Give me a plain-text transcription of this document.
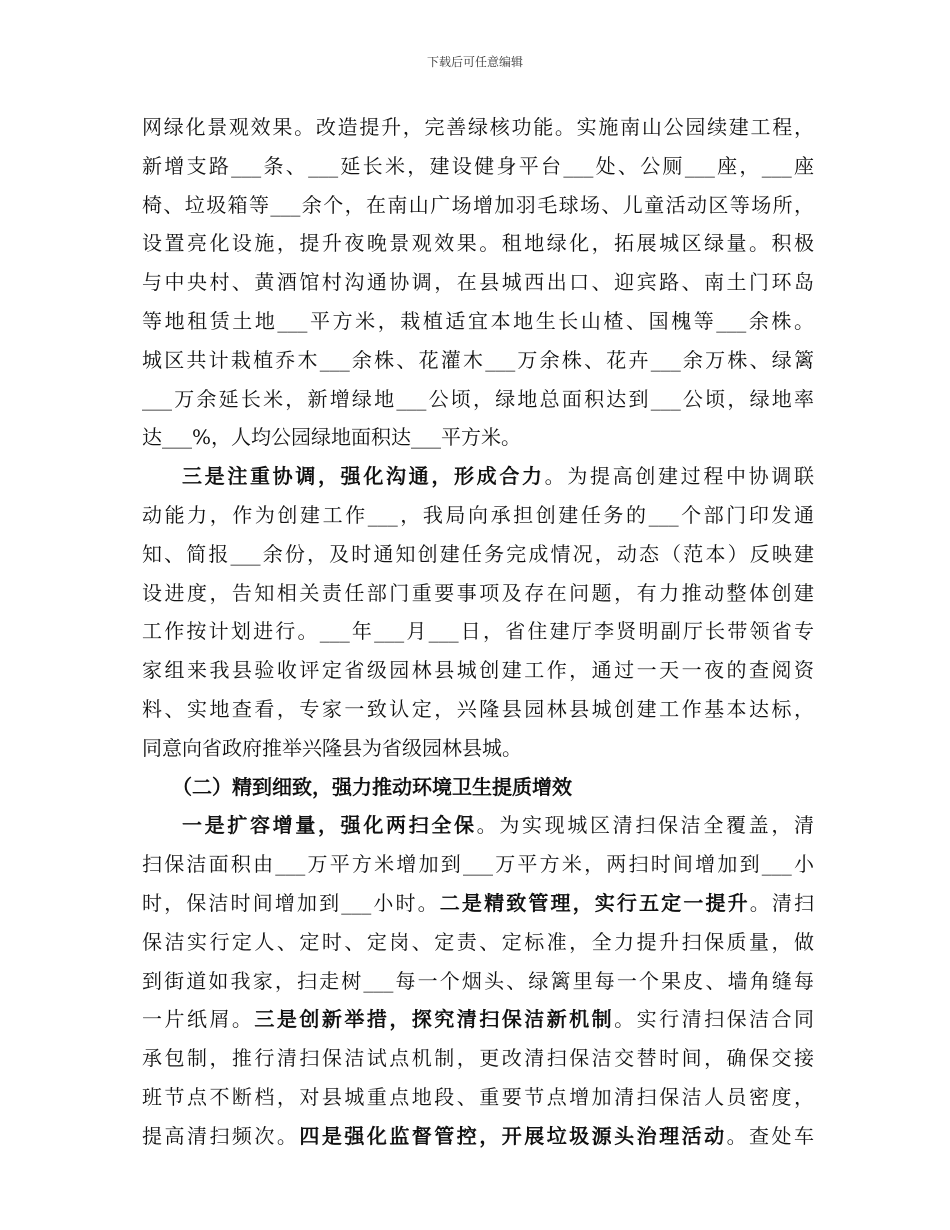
下载后可任意编辑
网绿化景观效果。改造提升，完善绿核功能。实施南山公园续建工程，
新增支路___条、___延长米，建设健身平台___处、公厕___座，___座
椅、垃圾箱等___余个，在南山广场增加羽毛球场、儿童活动区等场所，
设置亮化设施，提升夜晚景观效果。租地绿化，拓展城区绿量。积极
与中央村、黄酒馆村沟通协调，在县城西出口、迎宾路、南土门环岛
等地租赁土地___平方米，栽植适宜本地生长山楂、国槐等___余株。
城区共计栽植乔木___余株、花灌木___万余株、花卉___余万株、绿篱
___万余延长米，新增绿地___公顷，绿地总面积达到___公顷，绿地率
达___%，人均公园绿地面积达___平方米。
三是注重协调，强化沟通，形成合力。为提高创建过程中协调联
动能力，作为创建工作___，我局向承担创建任务的___个部门印发通
知、简报___余份，及时通知创建任务完成情况，动态（范本）反映建
设进度，告知相关责任部门重要事项及存在问题，有力推动整体创建
工作按计划进行。___年___月___日，省住建厅李贤明副厅长带领省专
家组来我县验收评定省级园林县城创建工作，通过一天一夜的查阅资
料、实地查看，专家一致认定，兴隆县园林县城创建工作基本达标，
同意向省政府推举兴隆县为省级园林县城。
（二）精到细致，强力推动环境卫生提质增效
一是扩容增量，强化两扫全保。为实现城区清扫保洁全覆盖，清
扫保洁面积由___万平方米增加到___万平方米，两扫时间增加到___小
时，保洁时间增加到___小时。二是精致管理，实行五定一提升。清扫
保洁实行定人、定时、定岗、定责、定标准，全力提升扫保质量，做
到街道如我家，扫走树___每一个烟头、绿篱里每一个果皮、墙角缝每
一片纸屑。三是创新举措，探究清扫保洁新机制。实行清扫保洁合同
承包制，推行清扫保洁试点机制，更改清扫保洁交替时间，确保交接
班节点不断档，对县城重点地段、重要节点增加清扫保洁人员密度，
提高清扫频次。四是强化监督管控，开展垃圾源头治理活动。查处车
